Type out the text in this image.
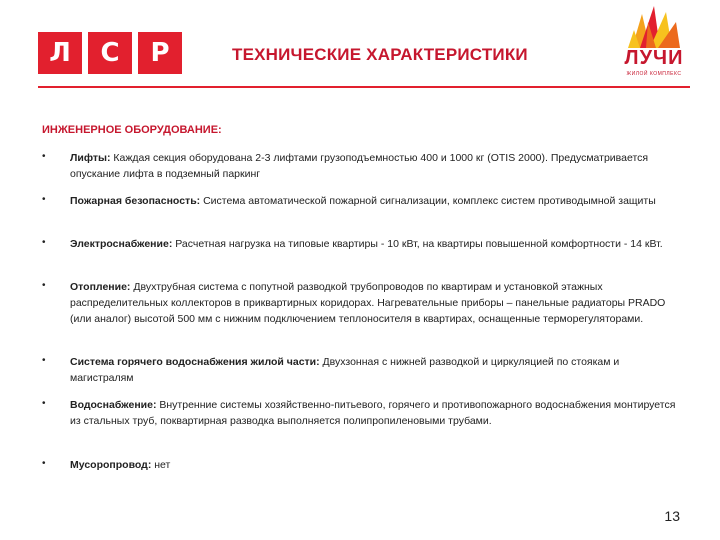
Л	С	Р	ТЕХНИЧЕСКИЕ ХАРАКТЕРИСТИКИ	ЛУЧИ
ЖИЛОЙ КОМПЛЕКС
ИНЖЕНЕРНОЕ ОБОРУДОВАНИЕ:
•	Лифты: Каждая секция оборудована 2-3 лифтами грузоподъемностью 400 и 1000 кг (OTIS 2000). Предусматривается опускание лифта в подземный паркинг
•	Пожарная безопасность: Система автоматической пожарной сигнализации, комплекс систем противодымной защиты
•	Электроснабжение: Расчетная нагрузка на типовые квартиры - 10 кВт, на квартиры повышенной комфортности - 14 кВт.
•	Отопление: Двухтрубная система с попутной разводкой трубопроводов по квартирам и установкой этажных распределительных коллекторов в приквартирных коридорах. Нагревательные приборы – панельные радиаторы PRADO (или аналог) высотой 500 мм с нижним подключением теплоносителя в квартирах, оснащенные терморегуляторами.
•	Система горячего водоснабжения жилой части: Двухзонная с нижней разводкой и циркуляцией по стоякам и магистралям
•	Водоснабжение: Внутренние системы хозяйственно-питьевого, горячего и противопожарного водоснабжения монтируется из стальных труб, поквартирная разводка выполняется полипропиленовыми трубами.
•	Мусоропровод: нет
13
